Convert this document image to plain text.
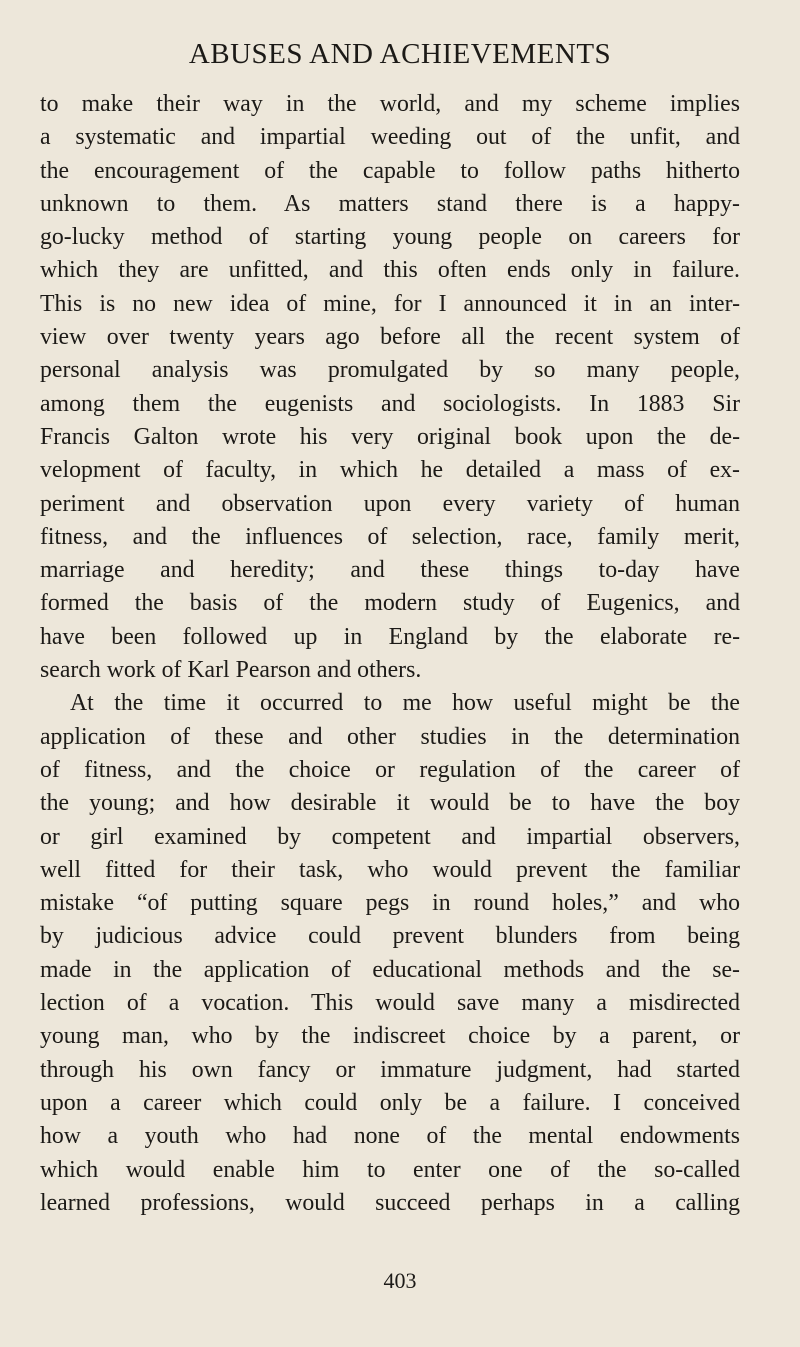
ABUSES AND ACHIEVEMENTS
to make their way in the world, and my scheme implies
a systematic and impartial weeding out of the unfit, and
the encouragement of the capable to follow paths hitherto
unknown to them. As matters stand there is a happy-
go-lucky method of starting young people on careers for
which they are unfitted, and this often ends only in failure.
This is no new idea of mine, for I announced it in an inter-
view over twenty years ago before all the recent system of
personal analysis was promulgated by so many people,
among them the eugenists and sociologists. In 1883 Sir
Francis Galton wrote his very original book upon the de-
velopment of faculty, in which he detailed a mass of ex-
periment and observation upon every variety of human
fitness, and the influences of selection, race, family merit,
marriage and heredity; and these things to-day have
formed the basis of the modern study of Eugenics, and
have been followed up in England by the elaborate re-
search work of Karl Pearson and others.
At the time it occurred to me how useful might be the
application of these and other studies in the determination
of fitness, and the choice or regulation of the career of
the young; and how desirable it would be to have the boy
or girl examined by competent and impartial observers,
well fitted for their task, who would prevent the familiar
mistake “of putting square pegs in round holes,” and who
by judicious advice could prevent blunders from being
made in the application of educational methods and the se-
lection of a vocation. This would save many a misdirected
young man, who by the indiscreet choice by a parent, or
through his own fancy or immature judgment, had started
upon a career which could only be a failure. I conceived
how a youth who had none of the mental endowments
which would enable him to enter one of the so-called
learned professions, would succeed perhaps in a calling
403
